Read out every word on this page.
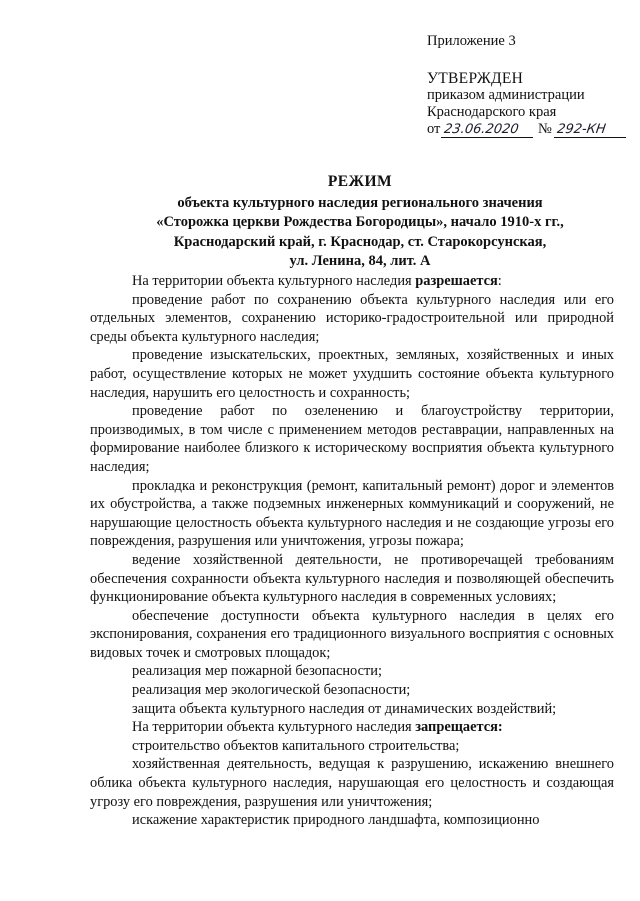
Приложение 3
УТВЕРЖДЕН
приказом администрации
Краснодарского края
от 23.06.2020	№ 292-КН
РЕЖИМ
объекта культурного наследия регионального значения
«Сторожка церкви Рождества Богородицы», начало 1910-х гг.,
Краснодарский край, г. Краснодар, ст. Старокорсунская,
ул. Ленина, 84, лит. А

На территории объекта культурного наследия разрешается:

проведение работ по сохранению объекта культурного наследия или его отдельных элементов, сохранению историко-градостроительной или природной среды объекта культурного наследия;

проведение изыскательских, проектных, земляных, хозяйственных и иных работ, осуществление которых не может ухудшить состояние объекта культурного наследия, нарушить его целостность и сохранность;

проведение работ по озеленению и благоустройству территории, производимых, в том числе с применением методов реставрации, направленных на формирование наиболее близкого к историческому восприятия объекта культурного наследия;

прокладка и реконструкция (ремонт, капитальный ремонт) дорог и элементов их обустройства, а также подземных инженерных коммуникаций и сооружений, не нарушающие целостность объекта культурного наследия и не создающие угрозы его повреждения, разрушения или уничтожения, угрозы пожара;

ведение хозяйственной деятельности, не противоречащей требованиям обеспечения сохранности объекта культурного наследия и позволяющей обеспечить функционирование объекта культурного наследия в современных условиях;

обеспечение доступности объекта культурного наследия в целях его экспонирования, сохранения его традиционного визуального восприятия с основных видовых точек и смотровых площадок;

реализация мер пожарной безопасности;

реализация мер экологической безопасности;

защита объекта культурного наследия от динамических воздействий;

На территории объекта культурного наследия запрещается:

строительство объектов капитального строительства;

хозяйственная деятельность, ведущая к разрушению, искажению внешнего облика объекта культурного наследия, нарушающая его целостность и создающая угрозу его повреждения, разрушения или уничтожения;

искажение характеристик природного ландшафта, композиционно
